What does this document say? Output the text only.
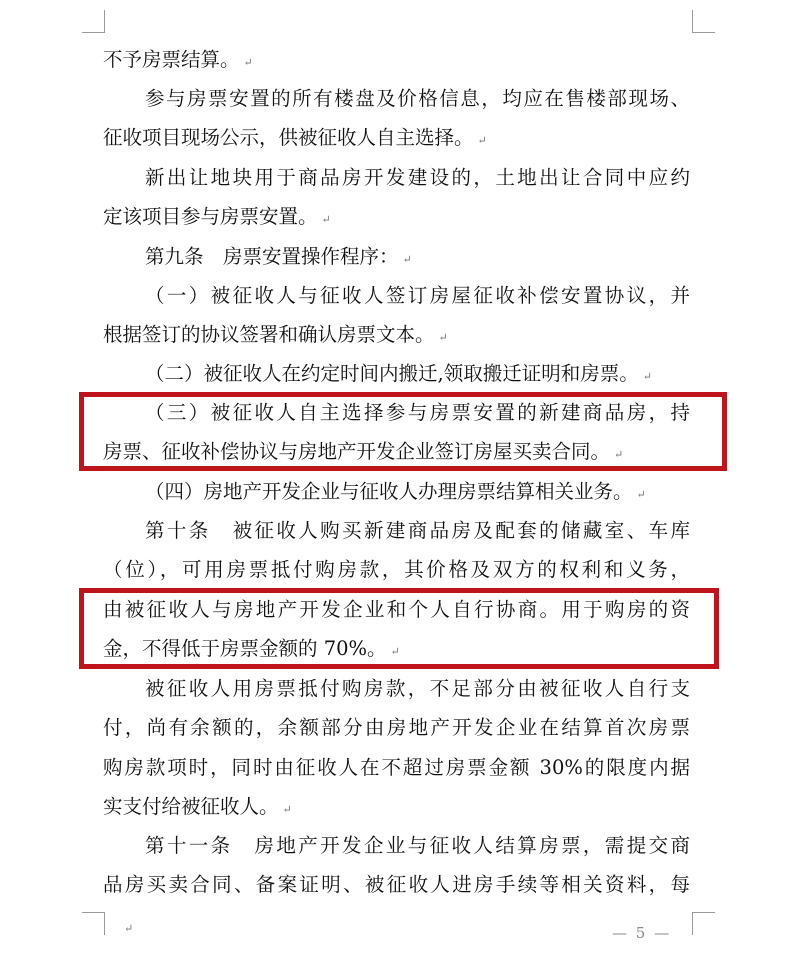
不予房票结算。 ↵
参与房票安置的所有楼盘及价格信息，均应在售楼部现场、
征收项目现场公示，供被征收人自主选择。 ↵
新出让地块用于商品房开发建设的，土地出让合同中应约
定该项目参与房票安置。 ↵
第九条　房票安置操作程序： ↵
（一）被征收人与征收人签订房屋征收补偿安置协议，并
根据签订的协议签署和确认房票文本。 ↵
（二）被征收人在约定时间内搬迁,领取搬迁证明和房票。 ↵
（三）被征收人自主选择参与房票安置的新建商品房，持
房票、征收补偿协议与房地产开发企业签订房屋买卖合同。 ↵
（四）房地产开发企业与征收人办理房票结算相关业务。 ↵
第十条　被征收人购买新建商品房及配套的储藏室、车库
（位），可用房票抵付购房款，其价格及双方的权利和义务，
由被征收人与房地产开发企业和个人自行协商。用于购房的资
金，不得低于房票金额的 70%。 ↵
被征收人用房票抵付购房款，不足部分由被征收人自行支
付，尚有余额的，余额部分由房地产开发企业在结算首次房票
购房款项时，同时由征收人在不超过房票金额 30%的限度内据
实支付给被征收人。 ↵
第十一条　房地产开发企业与征收人结算房票，需提交商
品房买卖合同、备案证明、被征收人进房手续等相关资料，每
↵	— 5 —
